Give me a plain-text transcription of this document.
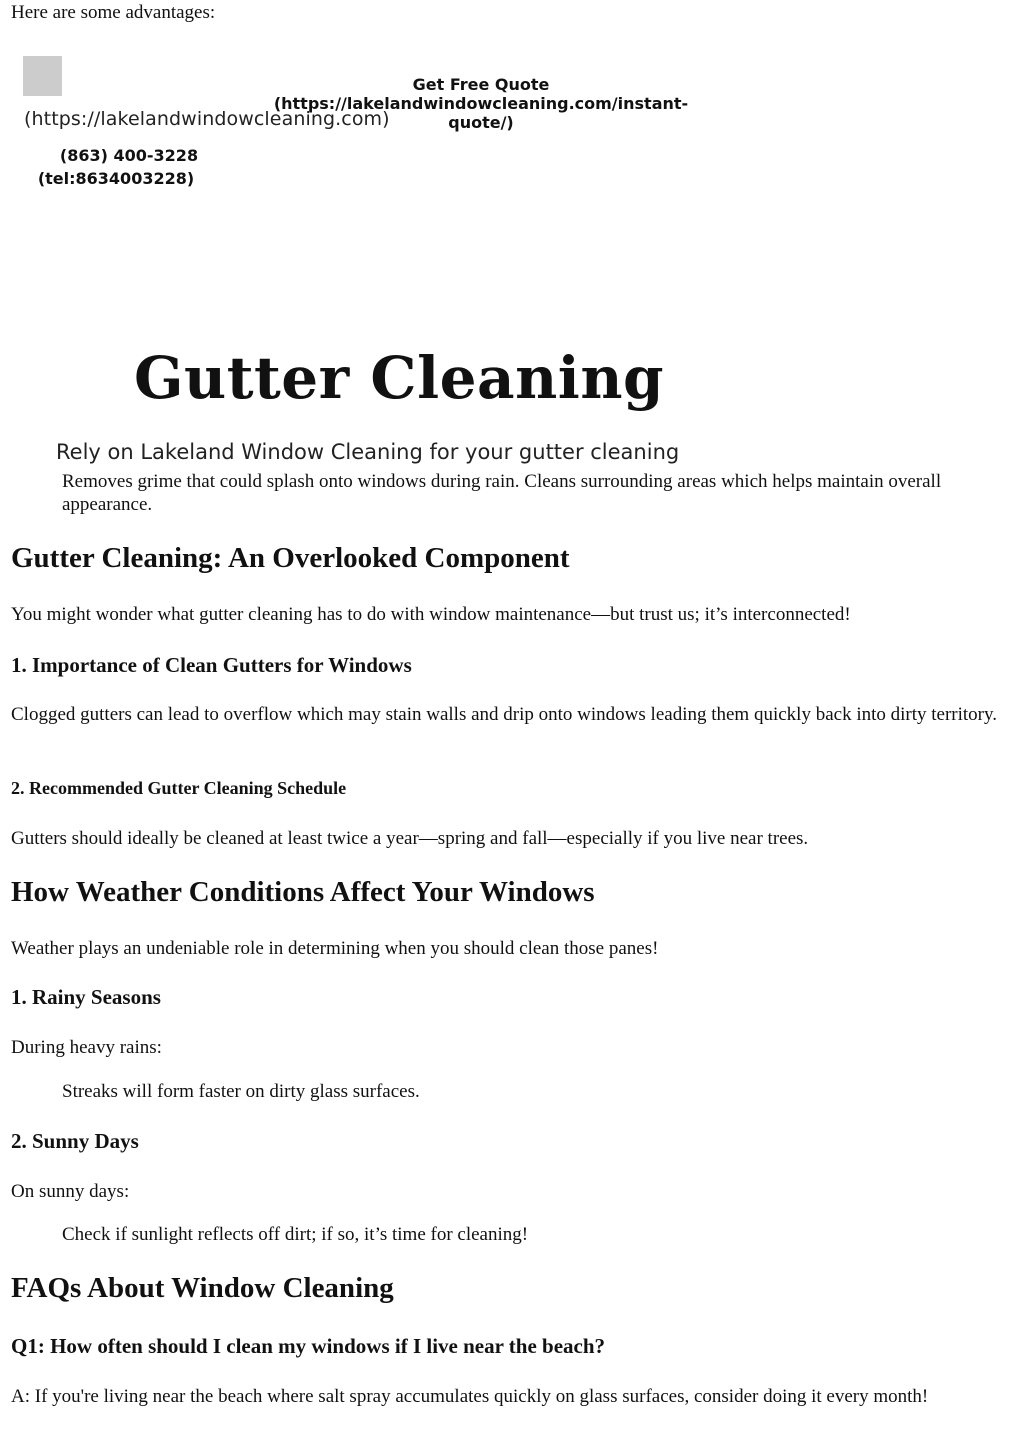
Here are some advantages:
(https://lakelandwindowcleaning.com)
Get Free Quote
(https://lakelandwindowcleaning.com/instant-quote/)
(863) 400-3228
(tel:8634003228)
Gutter Cleaning
Rely on Lakeland Window Cleaning for your gutter cleaning
Removes grime that could splash onto windows during rain. Cleans surrounding areas which helps maintain overall appearance.
Gutter Cleaning: An Overlooked Component
You might wonder what gutter cleaning has to do with window maintenance—but trust us; it’s interconnected!
1. Importance of Clean Gutters for Windows
Clogged gutters can lead to overflow which may stain walls and drip onto windows leading them quickly back into dirty territory.
2. Recommended Gutter Cleaning Schedule
Gutters should ideally be cleaned at least twice a year—spring and fall—especially if you live near trees.
How Weather Conditions Affect Your Windows
Weather plays an undeniable role in determining when you should clean those panes!
1. Rainy Seasons
During heavy rains:
Streaks will form faster on dirty glass surfaces.
2. Sunny Days
On sunny days:
Check if sunlight reflects off dirt; if so, it’s time for cleaning!
FAQs About Window Cleaning
Q1: How often should I clean my windows if I live near the beach?
A: If you're living near the beach where salt spray accumulates quickly on glass surfaces, consider doing it every month!
